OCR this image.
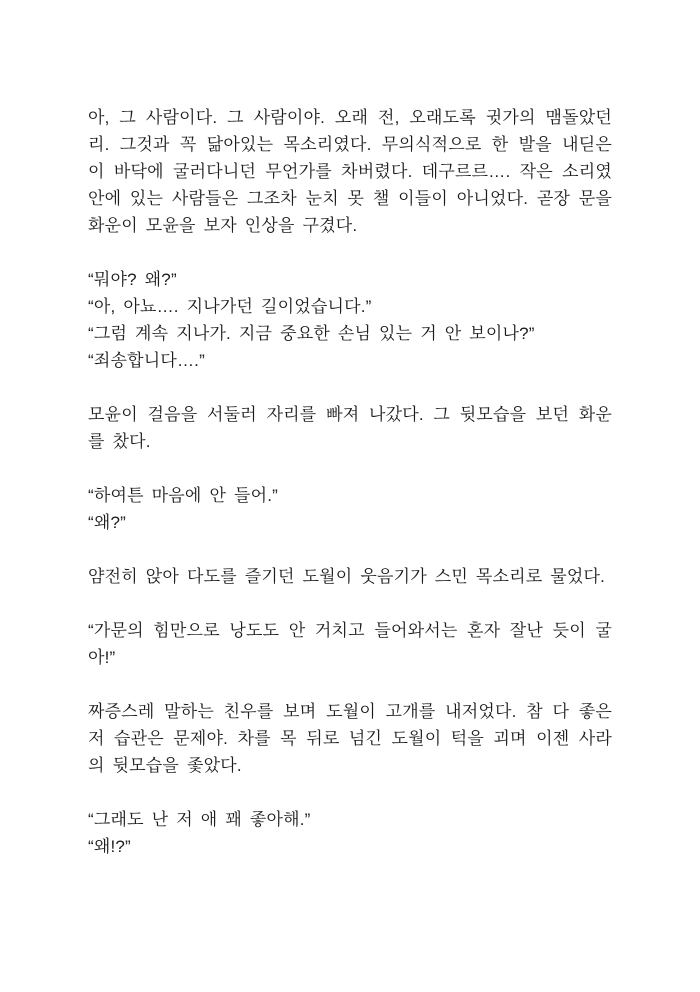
아, 그 사람이다. 그 사람이야. 오래 전, 오래도록 귓가의 맴돌았던
리. 그것과 꼭 닮아있는 목소리였다. 무의식적으로 한 발을 내딛은
이 바닥에 굴러다니던 무언가를 차버렸다. 데구르르…. 작은 소리였
안에 있는 사람들은 그조차 눈치 못 챌 이들이 아니었다. 곧장 문을
화운이 모윤을 보자 인상을 구겼다.
“뭐야? 왜?”
“아, 아뇨…. 지나가던 길이었습니다.”
“그럼 계속 지나가. 지금 중요한 손님 있는 거 안 보이나?”
“죄송합니다….”
모윤이 걸음을 서둘러 자리를 빠져 나갔다. 그 뒷모습을 보던 화운
를 찼다.
“하여튼 마음에 안 들어.”
“왜?”
얌전히 앉아 다도를 즐기던 도월이 웃음기가 스민 목소리로 물었다.
“가문의 힘만으로 낭도도 안 거치고 들어와서는 혼자 잘난 듯이 굴
아!”
짜증스레 말하는 친우를 보며 도월이 고개를 내저었다. 참 다 좋은
저 습관은 문제야. 차를 목 뒤로 넘긴 도월이 턱을 괴며 이젠 사라
의 뒷모습을 좇았다.
“그래도 난 저 애 꽤 좋아해.”
“왜!?”
